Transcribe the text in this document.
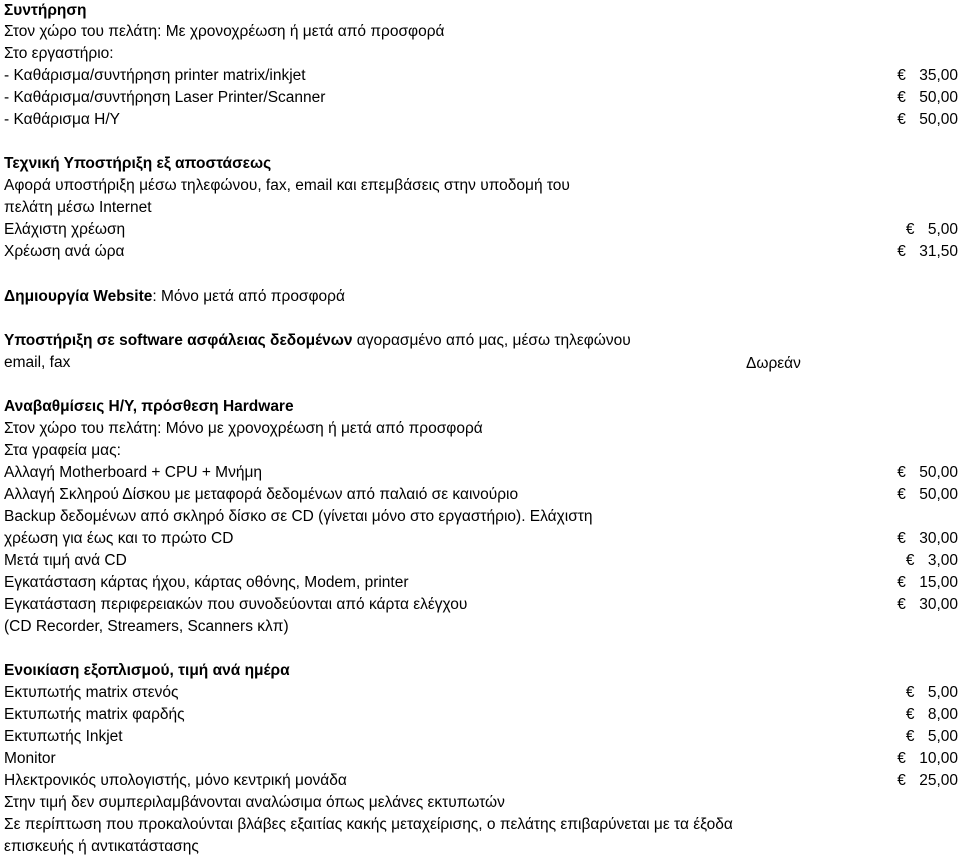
Συντήρηση
Στον χώρο του πελάτη: Με χρονοχρέωση ή μετά από προσφορά
Στο εργαστήριο:
- Καθάρισμα/συντήρηση printer matrix/inkjet	€ 35,00
- Καθάρισμα/συντήρηση Laser Printer/Scanner	€ 50,00
- Καθάρισμα Η/Υ	€ 50,00
Τεχνική Υποστήριξη εξ αποστάσεως
Αφορά υποστήριξη μέσω τηλεφώνου, fax, email και επεμβάσεις στην υποδομή του
πελάτη μέσω Internet
Ελάχιστη χρέωση	€ 5,00
Χρέωση ανά ώρα	€ 31,50
Δημιουργία Website: Μόνο μετά από προσφορά
Υποστήριξη σε software ασφάλειας δεδομένων αγορασμένο από μας, μέσω τηλεφώνου
email, fax	Δωρεάν
Αναβαθμίσεις Η/Υ, πρόσθεση Hardware
Στον χώρο του πελάτη: Μόνο με χρονοχρέωση ή μετά από προσφορά
Στα γραφεία μας:
Αλλαγή Motherboard + CPU + Μνήμη	€ 50,00
Αλλαγή Σκληρού Δίσκου με μεταφορά δεδομένων από παλαιό σε καινούριο	€ 50,00
Backup δεδομένων από σκληρό δίσκο σε CD (γίνεται μόνο στο εργαστήριο). Ελάχιστη
χρέωση για έως και το πρώτο CD	€ 30,00
Μετά τιμή ανά CD	€ 3,00
Εγκατάσταση κάρτας ήχου, κάρτας οθόνης, Modem, printer	€ 15,00
Εγκατάσταση περιφερειακών που συνοδεύονται από κάρτα ελέγχου	€ 30,00
(CD Recorder, Streamers, Scanners κλπ)
Ενοικίαση εξοπλισμού, τιμή ανά ημέρα
Εκτυπωτής matrix στενός	€ 5,00
Εκτυπωτής matrix φαρδής	€ 8,00
Εκτυπωτής Inkjet	€ 5,00
Monitor	€ 10,00
Ηλεκτρονικός υπολογιστής, μόνο κεντρική μονάδα	€ 25,00
Στην τιμή δεν συμπεριλαμβάνονται αναλώσιμα όπως μελάνες εκτυπωτών
Σε περίπτωση που προκαλούνται βλάβες εξαιτίας κακής μεταχείρισης, ο πελάτης επιβαρύνεται με τα έξοδα
επισκευής ή αντικατάστασης
